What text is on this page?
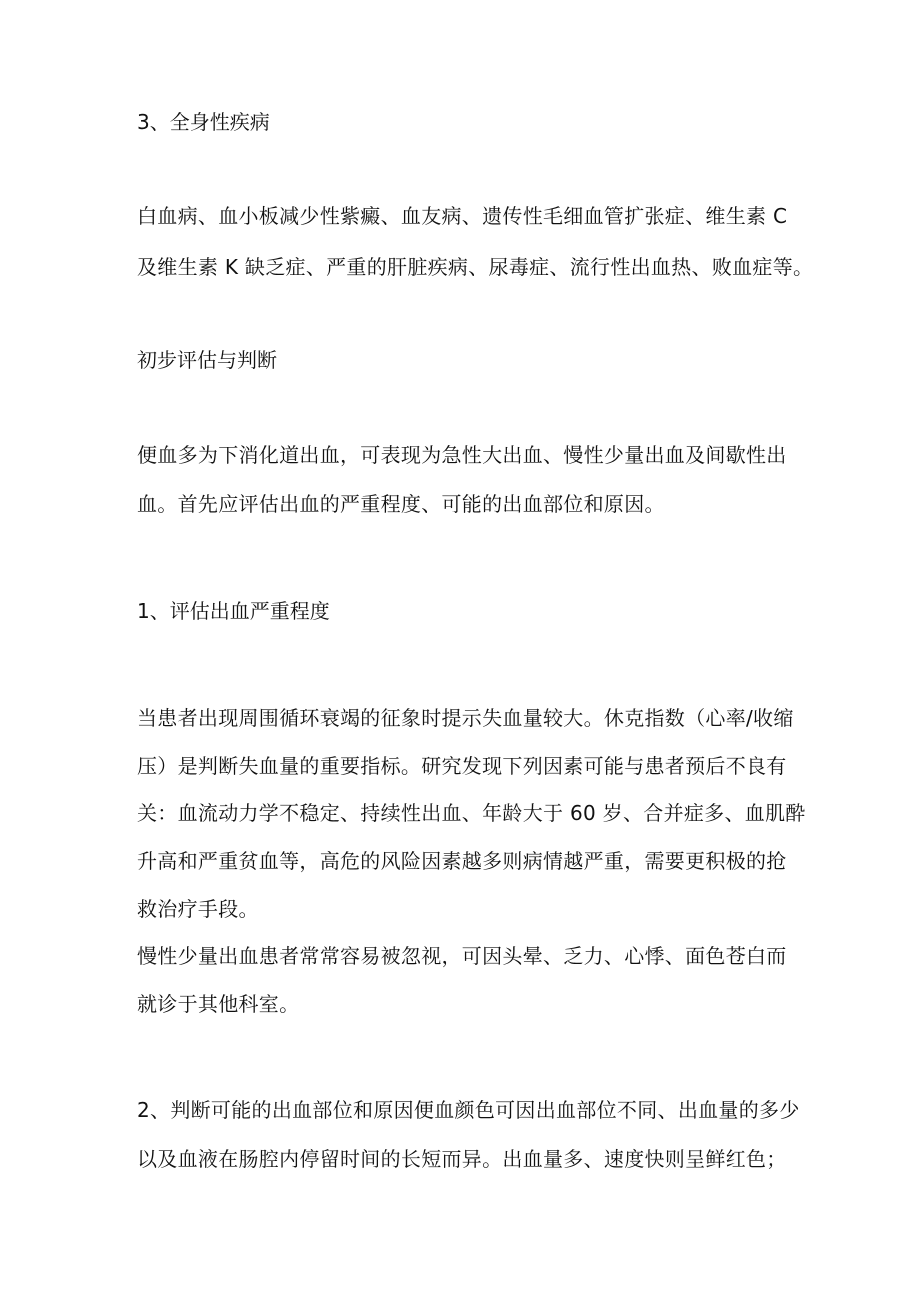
3、全身性疾病
白血病、血小板减少性紫癜、血友病、遗传性毛细血管扩张症、维生素 C
及维生素 K 缺乏症、严重的肝脏疾病、尿毒症、流行性出血热、败血症等。
初步评估与判断
便血多为下消化道出血，可表现为急性大出血、慢性少量出血及间歇性出
血。首先应评估出血的严重程度、可能的出血部位和原因。
1、评估出血严重程度
当患者出现周围循环衰竭的征象时提示失血量较大。休克指数（心率/收缩
压）是判断失血量的重要指标。研究发现下列因素可能与患者预后不良有
关：血流动力学不稳定、持续性出血、年龄大于 60 岁、合并症多、血肌酔
升高和严重贫血等，高危的风险因素越多则病情越严重，需要更积极的抢
救治疗手段。
慢性少量出血患者常常容易被忽视，可因头晕、乏力、心悸、面色苍白而
就诊于其他科室。
2、判断可能的出血部位和原因便血颜色可因出血部位不同、出血量的多少
以及血液在肠腔内停留时间的长短而异。出血量多、速度快则呈鲜红色；
